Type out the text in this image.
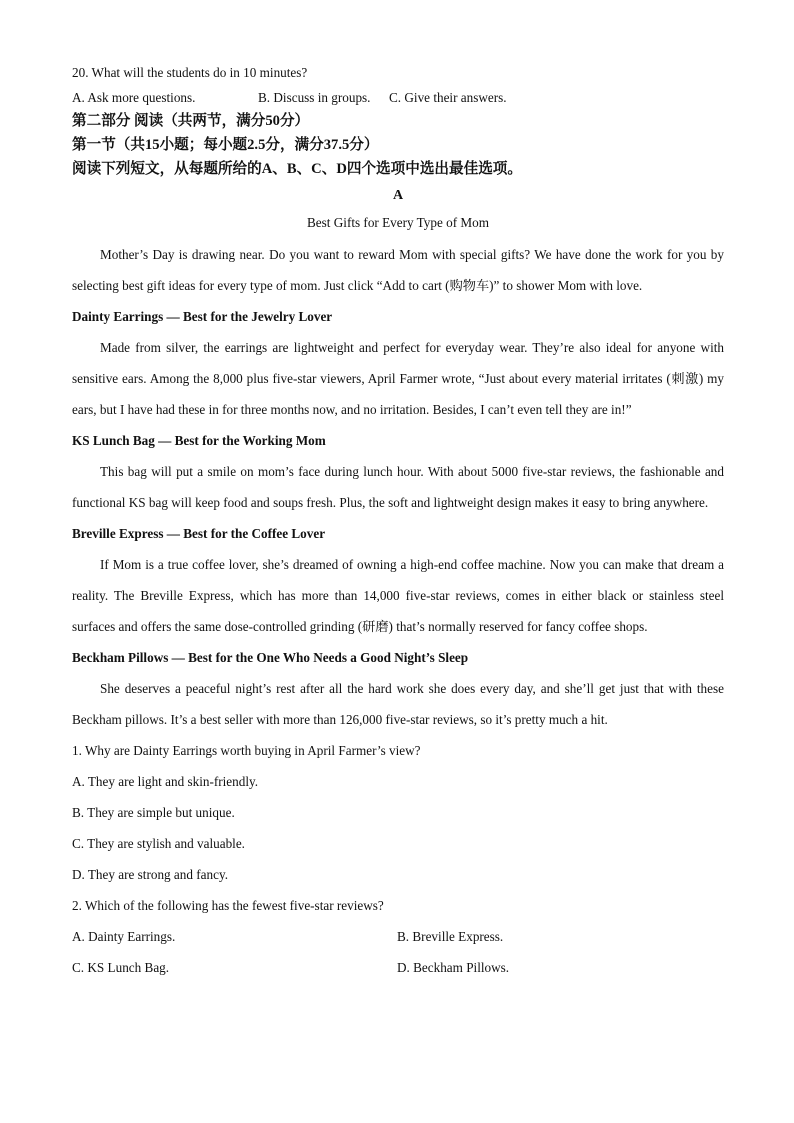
20. What will the students do in 10 minutes?

A. Ask more questions.	B. Discuss in groups. C. Give their answers.

第二部分 阅读（共两节，满分50分）

第一节（共15小题；每小题2.5分，满分37.5分）

阅读下列短文，从每题所给的A、B、C、D四个选项中选出最佳选项。

A

Best Gifts for Every Type of Mom

Mother’s Day is drawing near. Do you want to reward Mom with special gifts? We have done the work for you by selecting best gift ideas for every type of mom. Just click “Add to cart (购物车)” to shower Mom with love.

Dainty Earrings — Best for the Jewelry Lover

Made from silver, the earrings are lightweight and perfect for everyday wear. They’re also ideal for anyone with sensitive ears. Among the 8,000 plus five-star viewers, April Farmer wrote, “Just about every material irritates (刺激) my ears, but I have had these in for three months now, and no irritation. Besides, I can’t even tell they are in!”

KS Lunch Bag — Best for the Working Mom

This bag will put a smile on mom’s face during lunch hour. With about 5000 five-star reviews, the fashionable and functional KS bag will keep food and soups fresh. Plus, the soft and lightweight design makes it easy to bring anywhere.

Breville Express — Best for the Coffee Lover

If Mom is a true coffee lover, she’s dreamed of owning a high-end coffee machine. Now you can make that dream a reality. The Breville Express, which has more than 14,000 five-star reviews, comes in either black or stainless steel surfaces and offers the same dose-controlled grinding (研磨) that’s normally reserved for fancy coffee shops.

Beckham Pillows — Best for the One Who Needs a Good Night’s Sleep

She deserves a peaceful night’s rest after all the hard work she does every day, and she’ll get just that with these Beckham pillows. It’s a best seller with more than 126,000 five-star reviews, so it’s pretty much a hit.

1. Why are Dainty Earrings worth buying in April Farmer’s view?

A. They are light and skin-friendly.

B. They are simple but unique.

C. They are stylish and valuable.

D. They are strong and fancy.

2. Which of the following has the fewest five-star reviews?

A. Dainty Earrings.	B. Breville Express.
C. KS Lunch Bag.	D. Beckham Pillows.
